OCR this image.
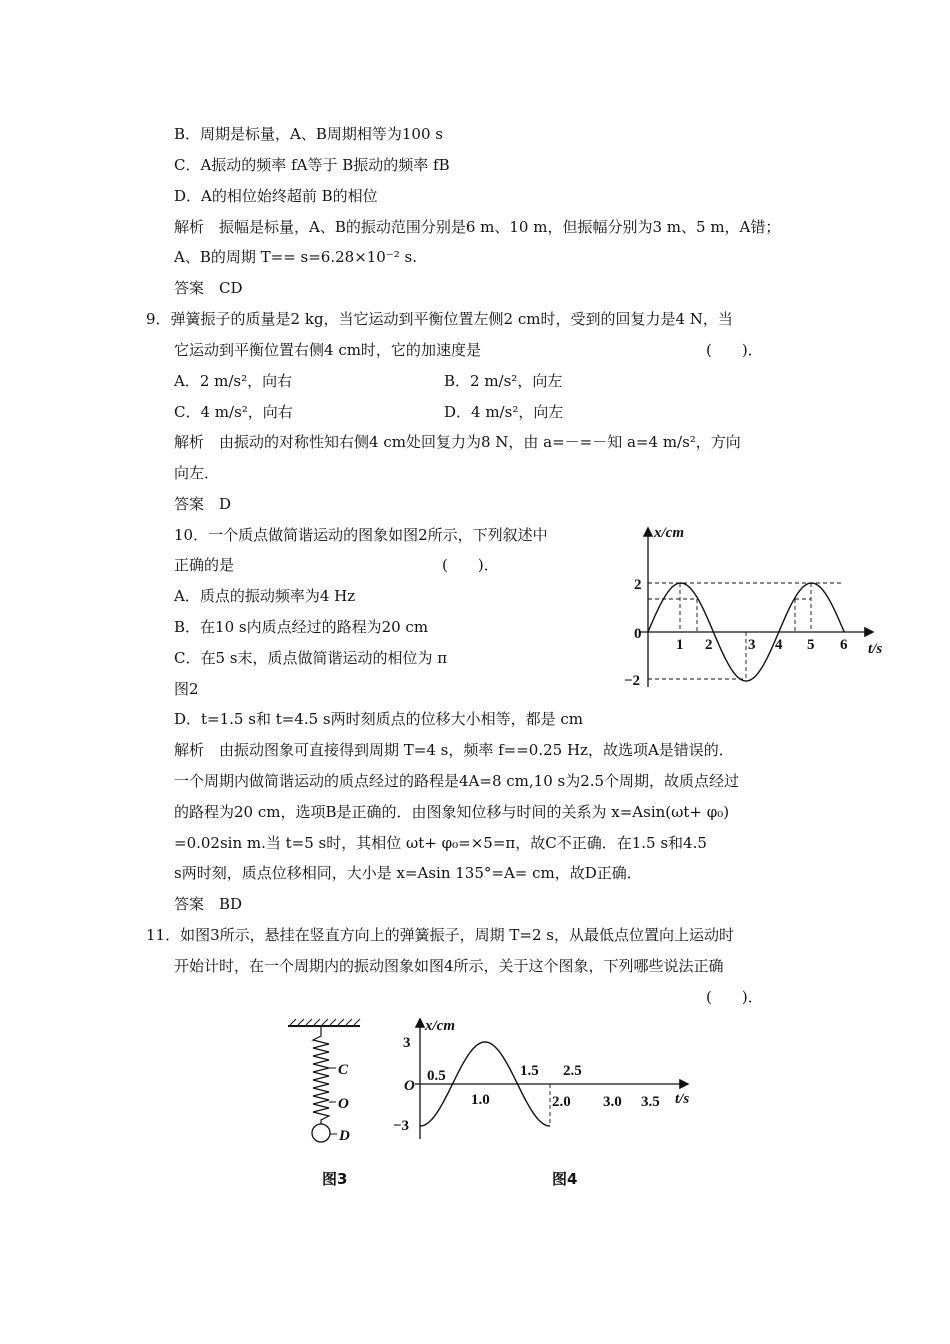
B．周期是标量，A、B周期相等为100 s
C．A振动的频率 fA等于 B振动的频率 fB
D．A的相位始终超前 B的相位
解析　振幅是标量，A、B的振动范围分别是6 m、10 m，但振幅分别为3 m、5 m，A错；
A、B的周期 T== s=6.28×10⁻² s.
答案　CD
9．弹簧振子的质量是2 kg，当它运动到平衡位置左侧2 cm时，受到的回复力是4 N，当
它运动到平衡位置右侧4 cm时，它的加速度是	(　　)．
A．2 m/s²，向右	B．2 m/s²，向左
C．4 m/s²，向右	D．4 m/s²，向左
解析　由振动的对称性知右侧4 cm处回复力为8 N，由 a=－=－知 a=4 m/s²，方向
向左．
答案　D
10．一个质点做简谐运动的图象如图2所示，下列叙述中
正确的是	(　　)．
A．质点的振动频率为4 Hz
B．在10 s内质点经过的路程为20 cm
C．在5 s末，质点做简谐运动的相位为 π
图2
D．t=1.5 s和 t=4.5 s两时刻质点的位移大小相等，都是 cm
解析　由振动图象可直接得到周期 T=4 s，频率 f==0.25 Hz，故选项A是错误的．
一个周期内做简谐运动的质点经过的路程是4A=8 cm,10 s为2.5个周期，故质点经过
的路程为20 cm，选项B是正确的．由图象知位移与时间的关系为 x=Asin(ωt+ φ₀)
=0.02sin m.当 t=5 s时，其相位 ωt+ φ₀=×5=π，故C不正确．在1.5 s和4.5
s两时刻，质点位移相同，大小是 x=Asin 135°=A= cm，故D正确．
答案　BD
11．如图3所示，悬挂在竖直方向上的弹簧振子，周期 T=2 s，从最低点位置向上运动时
开始计时，在一个周期内的振动图象如图4所示，关于这个图象，下列哪些说法正确
(　　)．
x/cm
t/s
2
0
−2
1 2 3 4 5 6
C
O
D
图3
x/cm
t/s
3
O
−3
0.5	1.5 2.5
1.0	2.0 3.0 3.5
图4
